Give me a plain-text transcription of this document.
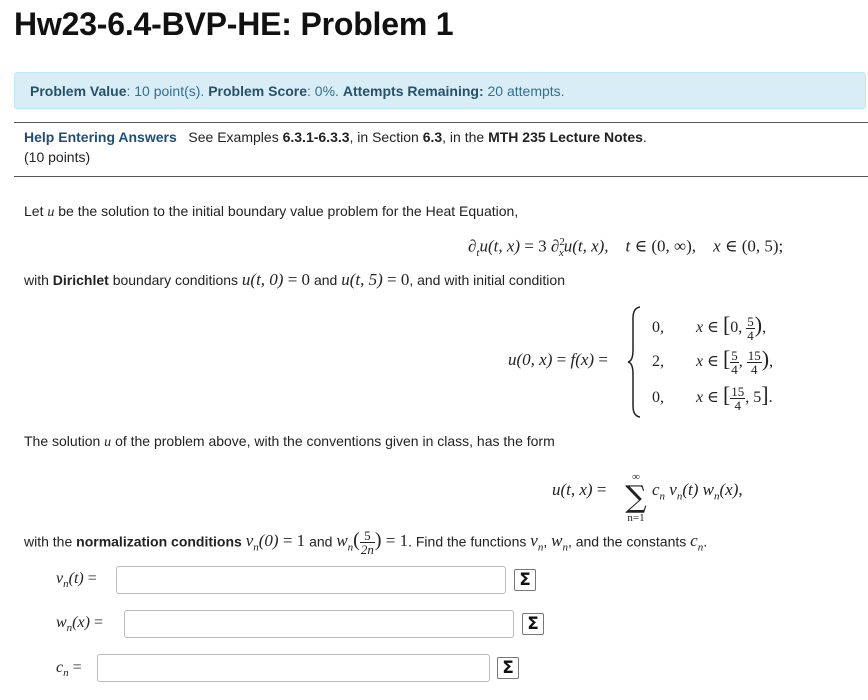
Hw23-6.4-BVP-HE: Problem 1
Problem Value: 10 point(s). Problem Score: 0%. Attempts Remaining: 20 attempts.
Help Entering Answers See Examples 6.3.1-6.3.3, in Section 6.3, in the MTH 235 Lecture Notes.
(10 points)
Let u be the solution to the initial boundary value problem for the Heat Equation,
$\partial_tu(t$, x) = 3 ∂$^2_x$u(t, x),    t ∈ (0, ∞),    x ∈ (0, 5);
with Dirichlet boundary conditions u(t, 0) = 0 and u(t, 5) = 0, and with initial condition
u(0, x) = f(x) =
0,        x ∈ [0, $\frac{5}{4}$ ),
2,        x ∈ [ $\frac{5}{4}$ , $\frac{15}{4}$ ),
0,        x ∈ [ $\frac{15}{4}$ , 5].
The solution u of the problem above, with the conventions given in class, has the form
u(t, x) =
∞
∑
n=1
$c_n$ $v_n(t)$ $w_n(x)$,
with the normalization conditions $v_n(0) = 1$ and $w_n( \frac{5}{2n}$ ) = 1. Find the functions $v_n$, $w_n$, and the constants $c_n$.
$v_n(t)$ =	Σ
$w_n(x)$ =	Σ
$c_n$ =	Σ
